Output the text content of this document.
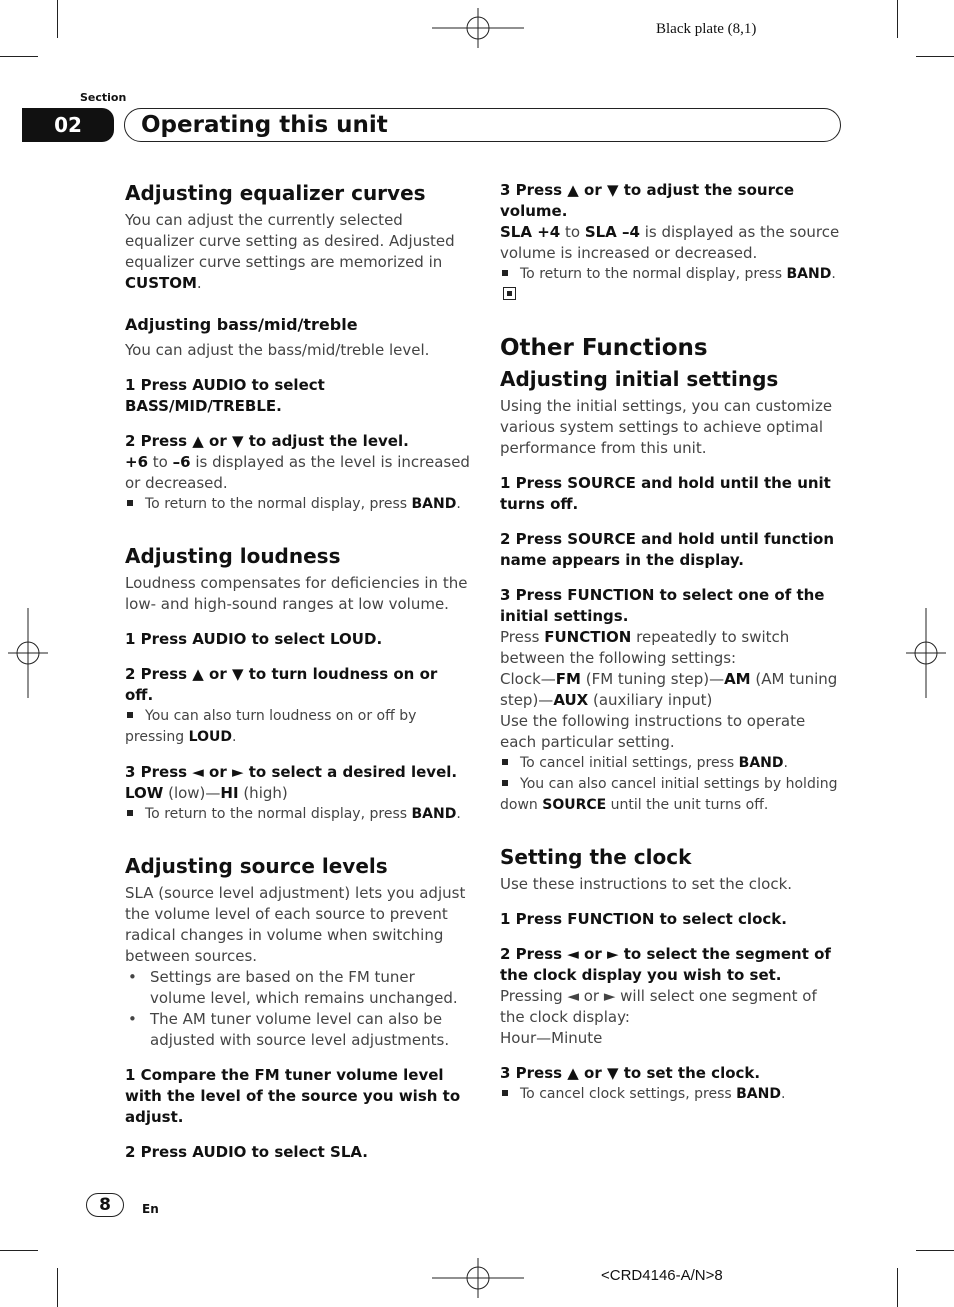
Black plate (8,1)
Section
02	Operating this unit
Adjusting equalizer curves

You can adjust the currently selected equalizer curve setting as desired. Adjusted equalizer curve settings are memorized in CUSTOM.

Adjusting bass/mid/treble

You can adjust the bass/mid/treble level.

1 Press AUDIO to select BASS/MID/TREBLE.

2 Press ▲ or ▼ to adjust the level.

+6 to –6 is displayed as the level is increased or decreased.

To return to the normal display, press BAND.

Adjusting loudness

Loudness compensates for deficiencies in the low- and high-sound ranges at low volume.

1 Press AUDIO to select LOUD.

2 Press ▲ or ▼ to turn loudness on or off.

You can also turn loudness on or off by pressing LOUD.

3 Press ◄ or ► to select a desired level.

LOW (low)—HI (high)

To return to the normal display, press BAND.

Adjusting source levels

SLA (source level adjustment) lets you adjust the volume level of each source to prevent radical changes in volume when switching between sources.

• Settings are based on the FM tuner volume level, which remains unchanged.
• The AM tuner volume level can also be adjusted with source level adjustments.

1 Compare the FM tuner volume level with the level of the source you wish to adjust.

2 Press AUDIO to select SLA.

3 Press ▲ or ▼ to adjust the source volume.

SLA +4 to SLA –4 is displayed as the source volume is increased or decreased.

To return to the normal display, press BAND.

Other Functions
Adjusting initial settings

Using the initial settings, you can customize various system settings to achieve optimal performance from this unit.

1 Press SOURCE and hold until the unit turns off.

2 Press SOURCE and hold until function name appears in the display.

3 Press FUNCTION to select one of the initial settings.

Press FUNCTION repeatedly to switch between the following settings:

Clock—FM (FM tuning step)—AM (AM tuning step)—AUX (auxiliary input)

Use the following instructions to operate each particular setting.

To cancel initial settings, press BAND.

You can also cancel initial settings by holding down SOURCE until the unit turns off.

Setting the clock

Use these instructions to set the clock.

1 Press FUNCTION to select clock.

2 Press ◄ or ► to select the segment of the clock display you wish to set.

Pressing ◄ or ► will select one segment of the clock display:

Hour—Minute

3 Press ▲ or ▼ to set the clock.

To cancel clock settings, press BAND.

8	En
<CRD4146-A/N>8
